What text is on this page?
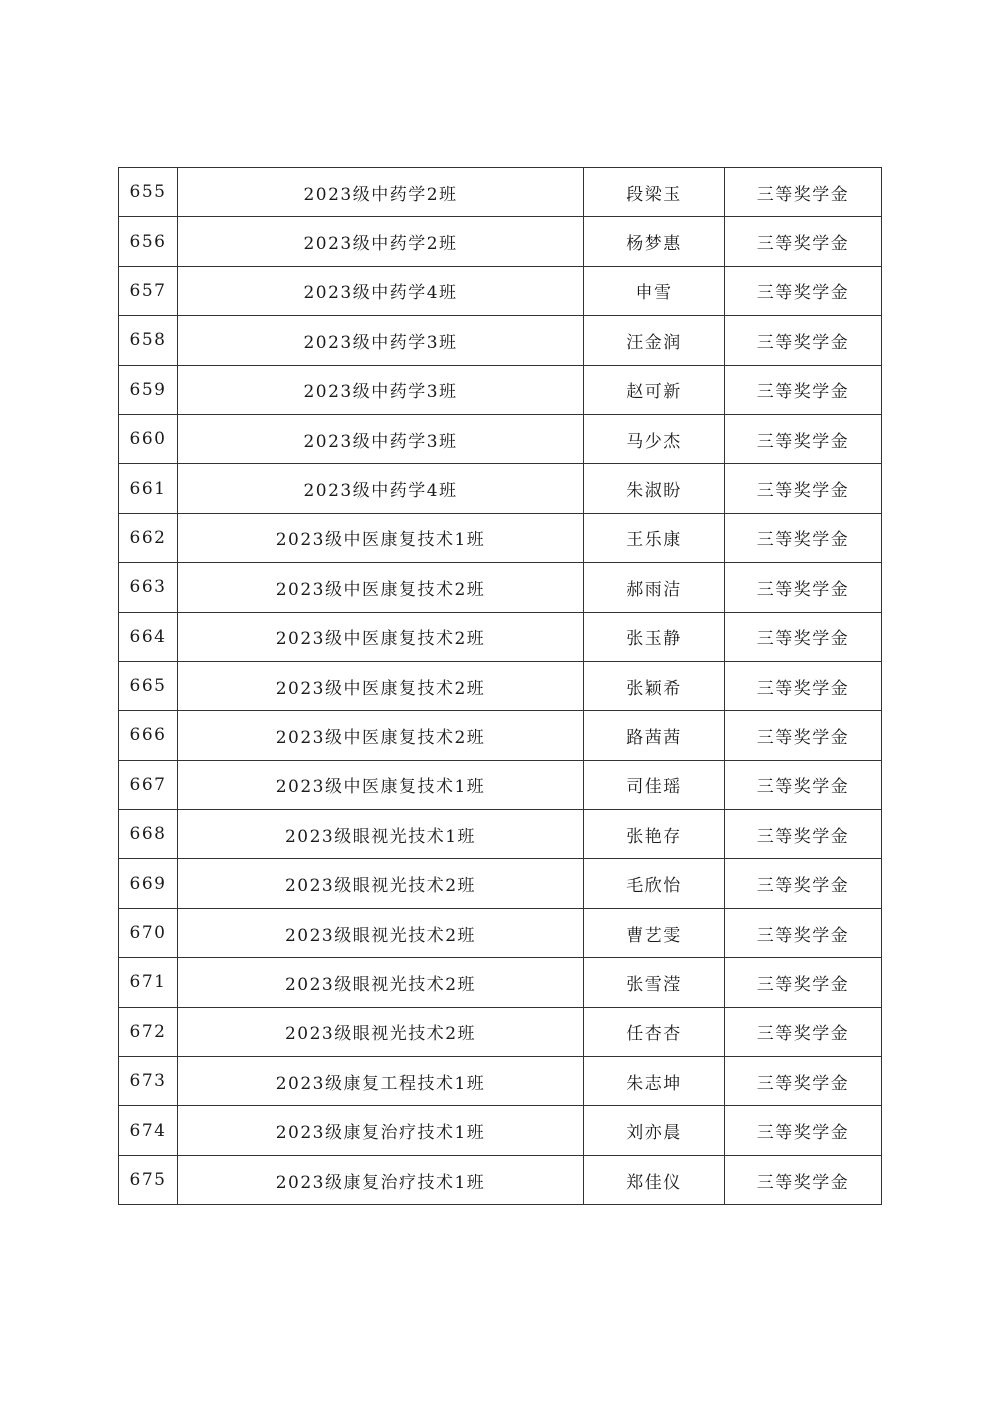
655	2023级中药学2班	段梁玉	三等奖学金
656	2023级中药学2班	杨梦惠	三等奖学金
657	2023级中药学4班	申雪	三等奖学金
658	2023级中药学3班	汪金润	三等奖学金
659	2023级中药学3班	赵可新	三等奖学金
660	2023级中药学3班	马少杰	三等奖学金
661	2023级中药学4班	朱淑盼	三等奖学金
662	2023级中医康复技术1班	王乐康	三等奖学金
663	2023级中医康复技术2班	郝雨洁	三等奖学金
664	2023级中医康复技术2班	张玉静	三等奖学金
665	2023级中医康复技术2班	张颖希	三等奖学金
666	2023级中医康复技术2班	路茜茜	三等奖学金
667	2023级中医康复技术1班	司佳瑶	三等奖学金
668	2023级眼视光技术1班	张艳存	三等奖学金
669	2023级眼视光技术2班	毛欣怡	三等奖学金
670	2023级眼视光技术2班	曹艺雯	三等奖学金
671	2023级眼视光技术2班	张雪滢	三等奖学金
672	2023级眼视光技术2班	任杏杏	三等奖学金
673	2023级康复工程技术1班	朱志坤	三等奖学金
674	2023级康复治疗技术1班	刘亦晨	三等奖学金
675	2023级康复治疗技术1班	郑佳仪	三等奖学金
